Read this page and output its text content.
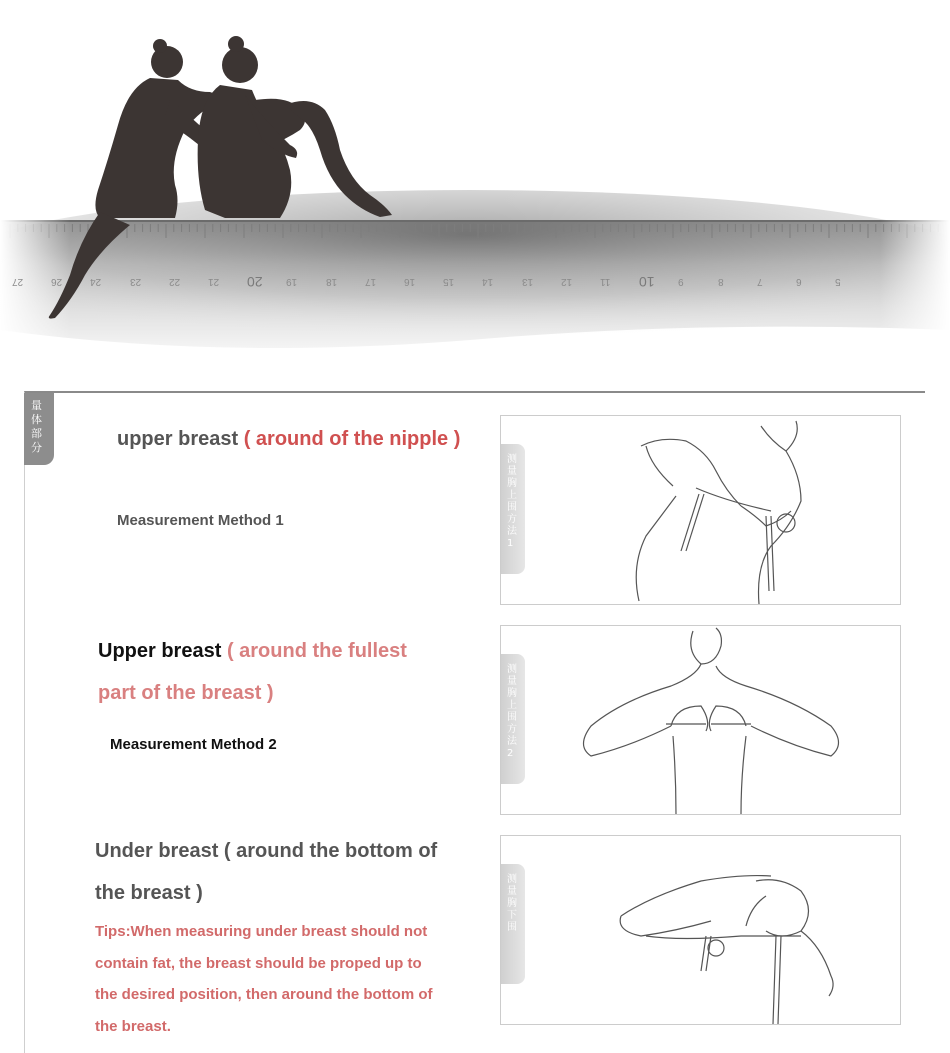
27	26	24	23	22	21 20 19	18	17	16	15	14	13	12	11 10 9	8	7	6	5
量体部分	upper breast ( around of the nipple )
Measurement Method 1
测量胸上围 方法1
Upper breast ( around the fullest
part of the breast )
Measurement Method 2
测量胸上围 方法2
Under breast ( around the bottom of
the breast )
Tips:When measuring under breast should not
contain fat, the breast should be proped up to
the desired position, then around the bottom of
the breast.
测量胸下围
